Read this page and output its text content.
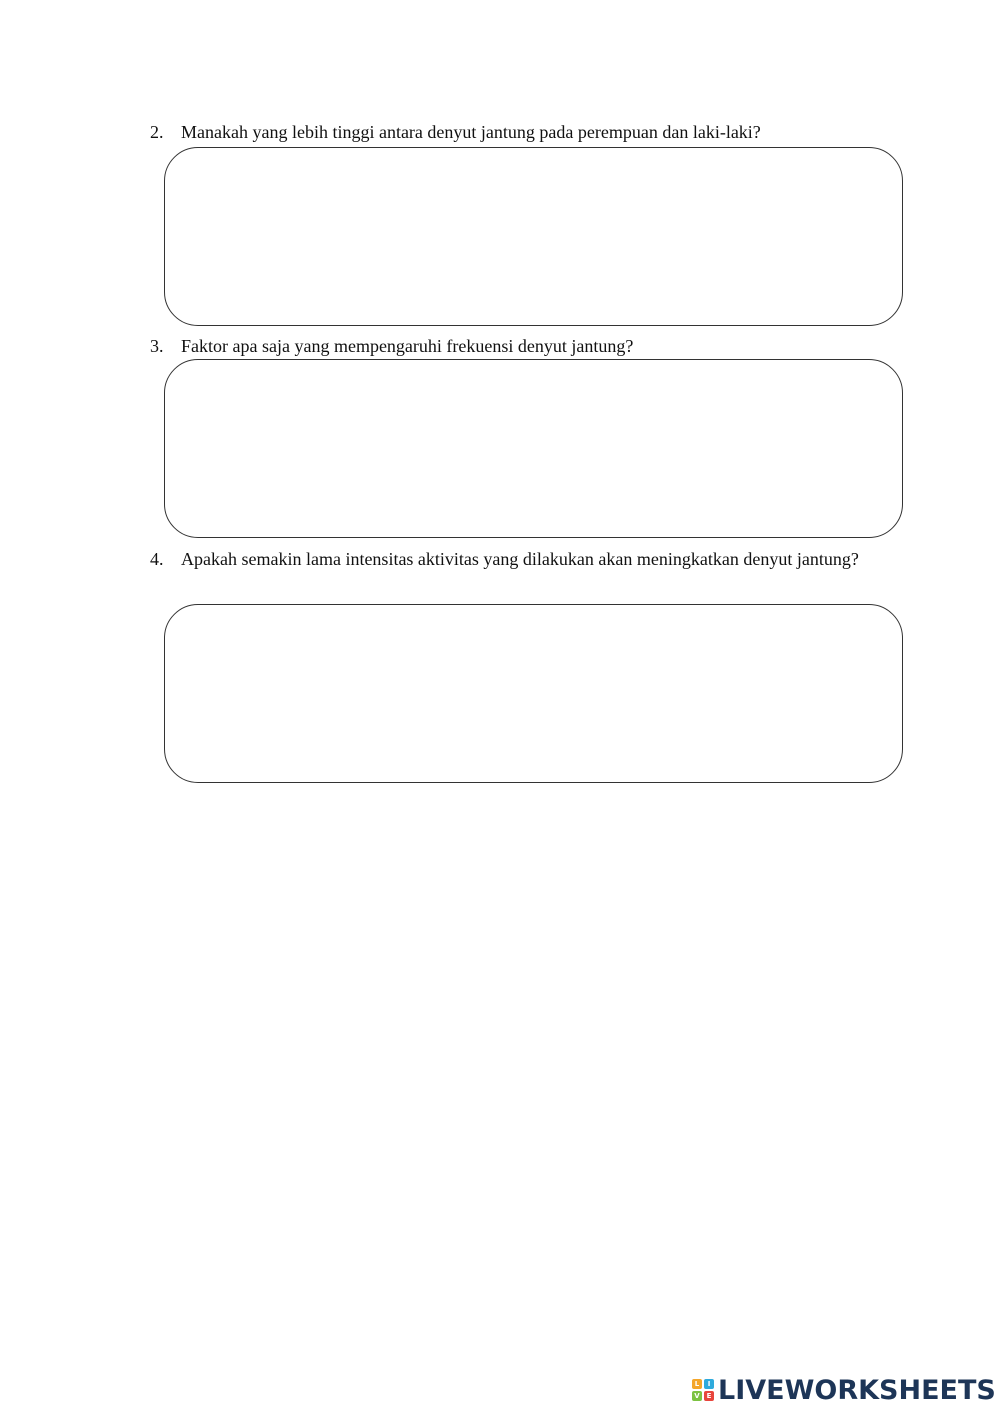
2. Manakah yang lebih tinggi antara denyut jantung pada perempuan dan laki-laki?
3. Faktor apa saja yang mempengaruhi frekuensi denyut jantung?
4. Apakah semakin lama intensitas aktivitas yang dilakukan akan meningkatkan denyut jantung?
L	I
V E LIVEWORKSHEETS
